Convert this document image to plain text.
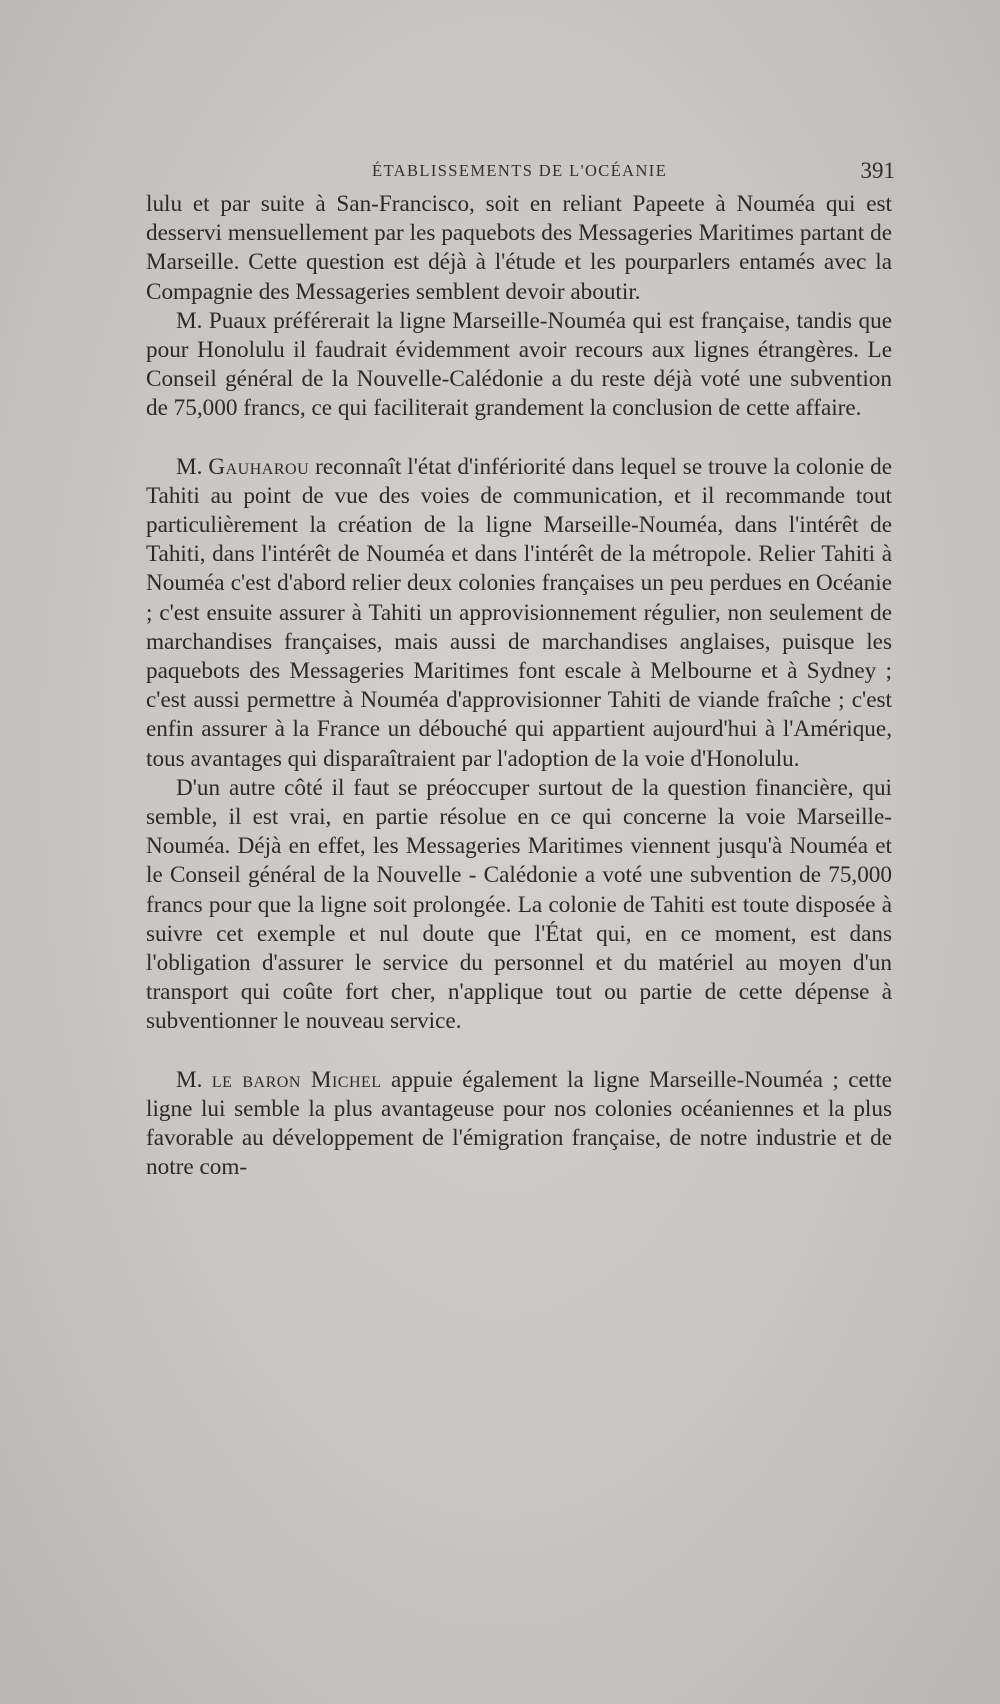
ÉTABLISSEMENTS DE L'OCÉANIE	391

lulu et par suite à San-Francisco, soit en reliant Papeete à Nouméa qui est desservi mensuellement par les paquebots des Messageries Maritimes partant de Marseille. Cette question est déjà à l'étude et les pourparlers entamés avec la Compagnie des Messageries semblent devoir aboutir.

M. Puaux préférerait la ligne Marseille-Nouméa qui est française, tandis que pour Honolulu il faudrait évidemment avoir recours aux lignes étrangères. Le Conseil général de la Nouvelle-Calédonie a du reste déjà voté une subvention de 75,000 francs, ce qui faciliterait grandement la conclusion de cette affaire.

M. Gauharou reconnaît l'état d'infériorité dans lequel se trouve la colonie de Tahiti au point de vue des voies de communication, et il recommande tout particulièrement la création de la ligne Marseille-Nouméa, dans l'intérêt de Tahiti, dans l'intérêt de Nouméa et dans l'intérêt de la métropole. Relier Tahiti à Nouméa c'est d'abord relier deux colonies françaises un peu perdues en Océanie ; c'est ensuite assurer à Tahiti un approvisionnement régulier, non seulement de marchandises françaises, mais aussi de marchandises anglaises, puisque les paquebots des Messageries Maritimes font escale à Melbourne et à Sydney ; c'est aussi permettre à Nouméa d'approvisionner Tahiti de viande fraîche ; c'est enfin assurer à la France un débouché qui appartient aujourd'hui à l'Amérique, tous avantages qui disparaîtraient par l'adoption de la voie d'Honolulu.

D'un autre côté il faut se préoccuper surtout de la question financière, qui semble, il est vrai, en partie résolue en ce qui concerne la voie Marseille-Nouméa. Déjà en effet, les Messageries Maritimes viennent jusqu'à Nouméa et le Conseil général de la Nouvelle - Calédonie a voté une subvention de 75,000 francs pour que la ligne soit prolongée. La colonie de Tahiti est toute disposée à suivre cet exemple et nul doute que l'État qui, en ce moment, est dans l'obligation d'assurer le service du personnel et du matériel au moyen d'un transport qui coûte fort cher, n'applique tout ou partie de cette dépense à subventionner le nouveau service.

M. le baron Michel appuie également la ligne Marseille-Nouméa ; cette ligne lui semble la plus avantageuse pour nos colonies océaniennes et la plus favorable au développement de l'émigration française, de notre industrie et de notre com-
